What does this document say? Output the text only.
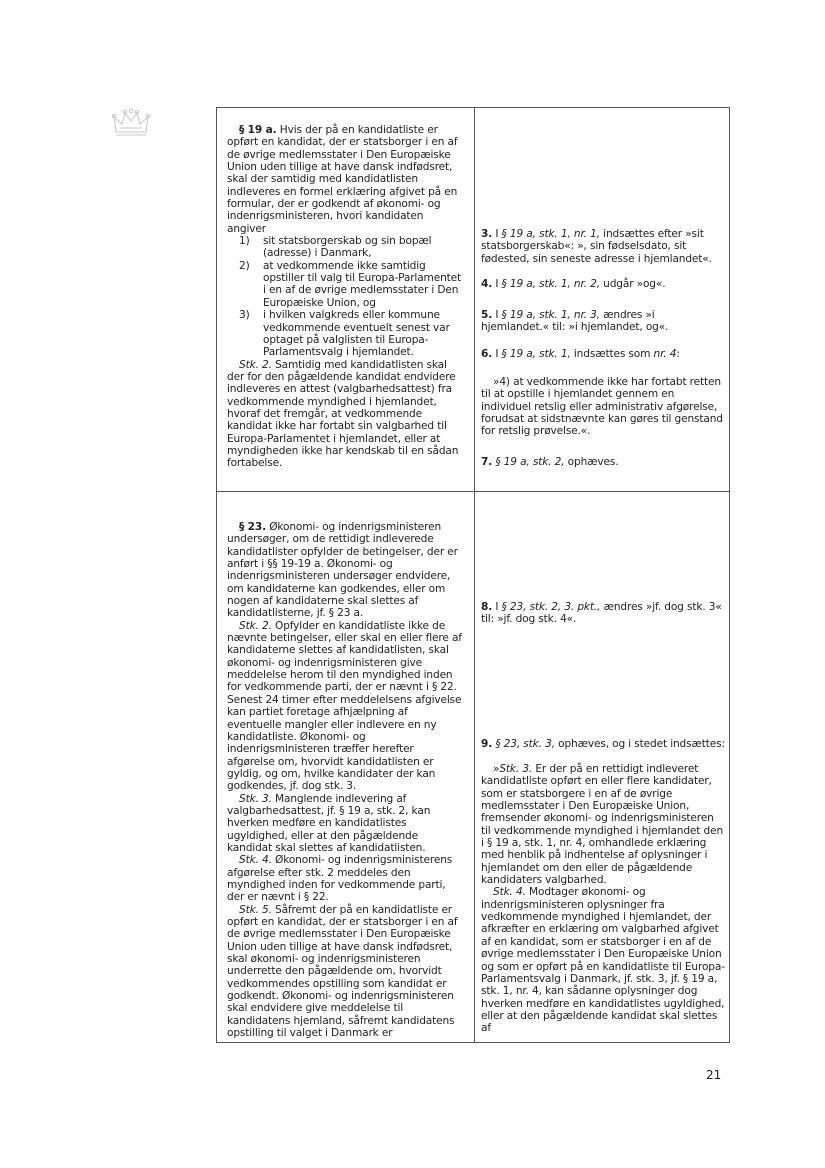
§ 19 a. Hvis der på en kandidatliste er opført en kandidat, der er statsborger i en af de øvrige medlemsstater i Den Europæiske Union uden tillige at have dansk indfødsret, skal der samtidig med kandidatlisten indleveres en formel erklæring afgivet på en formular, der er godkendt af økonomi- og indenrigsministeren, hvori kandidaten angiver

1) sit statsborgerskab og sin bopæl (adresse) i Danmark,
2) at vedkommende ikke samtidig opstiller til valg til Europa-Parlamentet i en af de øvrige medlemsstater i Den Europæiske Union, og
3) i hvilken valgkreds eller kommune vedkommende eventuelt senest var optaget på valglisten til Europa-Parlamentsvalg i hjemlandet.

Stk. 2. Samtidig med kandidatlisten skal der for den pågældende kandidat endvidere indleveres en attest (valgbarhedsattest) fra vedkommende myndighed i hjemlandet, hvoraf det fremgår, at vedkommende kandidat ikke har fortabt sin valgbarhed til Europa-Parlamentet i hjemlandet, eller at myndigheden ikke har kendskab til en sådan fortabelse.

3. I § 19 a, stk. 1, nr. 1, indsættes efter »sit statsborgerskab«: », sin fødselsdato, sit fødested, sin seneste adresse i hjemlandet«.

4. I § 19 a, stk. 1, nr. 2, udgår »og«.

5. I § 19 a, stk. 1, nr. 3, ændres »i hjemlandet.« til: »i hjemlandet, og«.

6. I § 19 a, stk. 1, indsættes som nr. 4:

»4) at vedkommende ikke har fortabt retten til at opstille i hjemlandet gennem en individuel retslig eller administrativ afgørelse, forudsat at sidstnævnte kan gøres til genstand for retslig prøvelse.«.

7. § 19 a, stk. 2, ophæves.

§ 23. Økonomi- og indenrigsministeren undersøger, om de rettidigt indleverede kandidatlister opfylder de betingelser, der er anført i §§ 19-19 a. Økonomi- og indenrigsministeren undersøger endvidere, om kandidaterne kan godkendes, eller om nogen af kandidaterne skal slettes af kandidatlisterne, jf. § 23 a.

Stk. 2. Opfylder en kandidatliste ikke de nævnte betingelser, eller skal en eller flere af kandidaterne slettes af kandidatlisten, skal økonomi- og indenrigsministeren give meddelelse herom til den myndighed inden for vedkommende parti, der er nævnt i § 22. Senest 24 timer efter meddelelsens afgivelse kan partiet foretage afhjælpning af eventuelle mangler eller indlevere en ny kandidatliste. Økonomi- og indenrigsministeren træffer herefter afgørelse om, hvorvidt kandidatlisten er gyldig, og om, hvilke kandidater der kan godkendes, jf. dog stk. 3.

Stk. 3. Manglende indlevering af valgbarhedsattest, jf. § 19 a, stk. 2, kan hverken medføre en kandidatlistes ugyldighed, eller at den pågældende kandidat skal slettes af kandidatlisten.

Stk. 4. Økonomi- og indenrigsministerens afgørelse efter stk. 2 meddeles den myndighed inden for vedkommende parti, der er nævnt i § 22.

Stk. 5. Såfremt der på en kandidatliste er opført en kandidat, der er statsborger i en af de øvrige medlemsstater i Den Europæiske Union uden tillige at have dansk indfødsret, skal økonomi- og indenrigsministeren underrette den pågældende om, hvorvidt vedkommendes opstilling som kandidat er godkendt. Økonomi- og indenrigsministeren skal endvidere give meddelelse til kandidatens hjemland, såfremt kandidatens opstilling til valget i Danmark er

8. I § 23, stk. 2, 3. pkt., ændres »jf. dog stk. 3« til: »jf. dog stk. 4«.

9. § 23, stk. 3, ophæves, og i stedet indsættes:

»Stk. 3. Er der på en rettidigt indleveret kandidatliste opført en eller flere kandidater, som er statsborgere i en af de øvrige medlemsstater i Den Europæiske Union, fremsender økonomi- og indenrigsministeren til vedkommende myndighed i hjemlandet den i § 19 a, stk. 1, nr. 4, omhandlede erklæring med henblik på indhentelse af oplysninger i hjemlandet om den eller de pågældende kandidaters valgbarhed.

Stk. 4. Modtager økonomi- og indenrigsministeren oplysninger fra vedkommende myndighed i hjemlandet, der afkræfter en erklæring om valgbarhed afgivet af en kandidat, som er statsborger i en af de øvrige medlemsstater i Den Europæiske Union og som er opført på en kandidatliste til Europa-Parlamentsvalg i Danmark, jf. stk. 3, jf. § 19 a, stk. 1, nr. 4, kan sådanne oplysninger dog hverken medføre en kandidatlistes ugyldighed, eller at den pågældende kandidat skal slettes af

21
